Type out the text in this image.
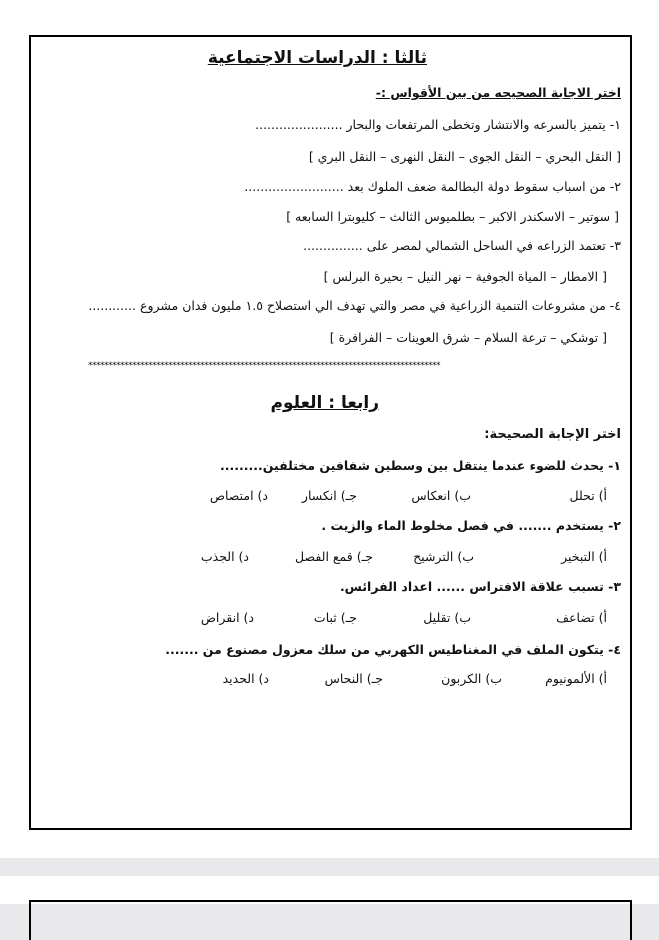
ثالثا : الدراسات الاجتماعية
اختر الاجابة الصحيحه من بين الأقواس :-
١- يتميز بالسرعه والانتشار وتخطى المرتفعات والبحار ......................
[ النقل البحري – النقل الجوى – النقل النهرى – النقل البري ]
٢- من اسباب سقوط دولة البطالمة ضعف الملوك بعد .........................
[ سوتير – الاسكندر الاكبر – بطلميوس الثالث – كليوبترا السابعه ]
٣- تعتمد الزراعه في الساحل الشمالي لمصر على ...............
[ الامطار – المياة الجوفية – نهر النيل – بحيرة البرلس ]
٤- من مشروعات التنمية الزراعية في مصر والتي تهدف الي استصلاح ١.٥ مليون فدان مشروع ............
[ توشكي – ترعة السلام – شرق العوينات – الفرافرة ]
****************************************************************************************
رابعا : العلوم
اختر الإجابة الصحيحة:
١- يحدث للضوء عندما ينتقل بين وسطين شفافين مختلفين.........
أ) تحلل
ب) انعكاس
جـ) انكسار
د) امتصاص
٢- يستخدم ....... في فصل مخلوط الماء والزيت .
أ) التبخير
ب) الترشيح
جـ) قمع الفصل
د) الجذب
٣- تسبب علاقة الافتراس ...... اعداد الفرائس.
أ) تضاعف
ب) تقليل
جـ) ثبات
د) انقراض
٤- يتكون الملف في المغناطيس الكهربي من سلك معزول مصنوع من .......
أ) الألمونيوم
ب) الكربون
جـ) النحاس
د) الحديد
